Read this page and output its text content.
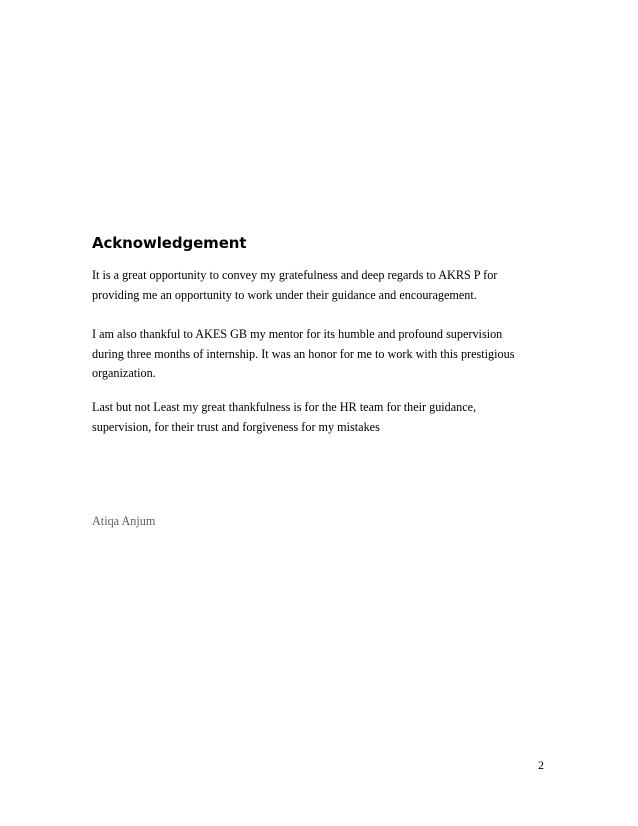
Acknowledgement

It is a great opportunity to convey my gratefulness and deep regards to AKRS P for
providing me an opportunity to work under their guidance and encouragement.

I am also thankful to AKES GB my mentor for its humble and profound supervision
during three months of internship. It was an honor for me to work with this prestigious
organization.

Last but not Least my great thankfulness is for the HR team for their guidance,
supervision, for their trust and forgiveness for my mistakes

Atiqa Anjum

2
